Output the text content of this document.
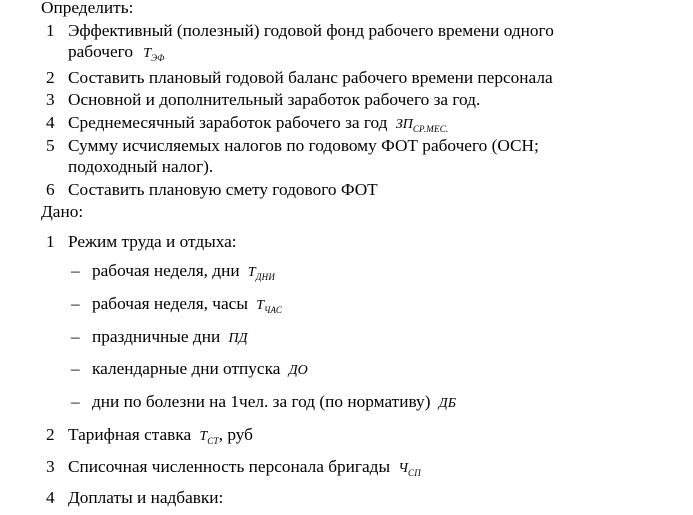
Определить:
1 Эффективный (полезный) годовой фонд рабочего времени одного
рабочего $Т_{ЭФ}$
2 Составить плановый годовой баланс рабочего времени персонала
3 Основной и дополнительный заработок рабочего за год.
4 Среднемесячный заработок рабочего за год $ЗП_{СР.МЕС.}$
5 Сумму исчисляемых налогов по годовому ФОТ рабочего (ОСН;
подоходный налог).
6 Составить плановую смету годового ФОТ
Дано:
1 Режим труда и отдыха:
– рабочая неделя, дни $Т_{ДНИ}$
– рабочая неделя, часы $Т_{ЧАС}$
– праздничные дни ПД
– календарные дни отпуска ДО
– дни по болезни на 1чел. за год (по нормативу) ДБ
2 Тарифная ставка $Т_{СТ}$, руб
3 Списочная численность персонала бригады $Ч_{СП}$
4 Доплаты и надбавки:
